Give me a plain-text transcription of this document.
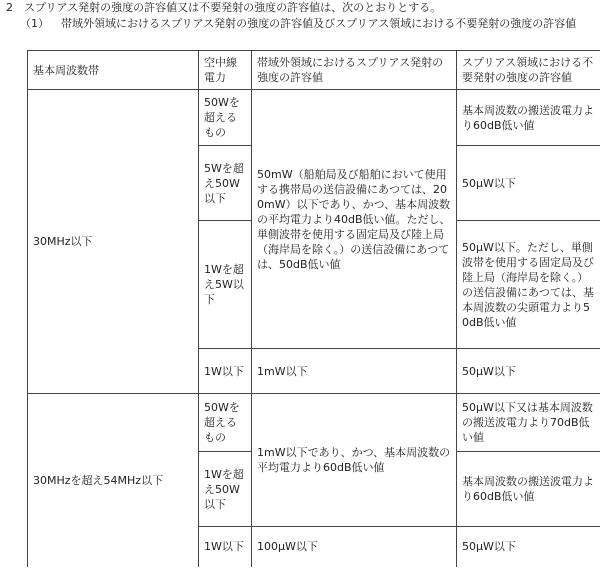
2　スプリアス発射の強度の許容値又は不要発射の強度の許容値は、次のとおりとする。
（1） 帯域外領域におけるスプリアス発射の強度の許容値及びスプリアス領域における不要発射の強度の許容値
基本周波数帯	空中線電力	帯域外領域におけるスプリアス発射の強度の許容値	スプリアス領域における不要発射の強度の許容値
30MHz以下	50Wを超えるもの	50mW（船舶局及び船舶において使用する携帯局の送信設備にあつては、200mW）以下であり、かつ、基本周波数の平均電力より40dB低い値。ただし、単側波帯を使用する固定局及び陸上局（海岸局を除く。）の送信設備にあつては、50dB低い値	基本周波数の搬送波電力より60dB低い値
	5Wを超え50W以下		50μW以下
	1Wを超え5W以下		50μW以下。ただし、単側波帯を使用する固定局及び陸上局（海岸局を除く。）の送信設備にあつては、基本周波数の尖頭電力より50dB低い値
	1W以下	1mW以下	50μW以下
30MHzを超え54MHz以下	50Wを超えるもの	1mW以下であり、かつ、基本周波数の平均電力より60dB低い値	50μW以下又は基本周波数の搬送波電力より70dB低い値
	1Wを超え50W以下		基本周波数の搬送波電力より60dB低い値
	1W以下	100μW以下	50μW以下
